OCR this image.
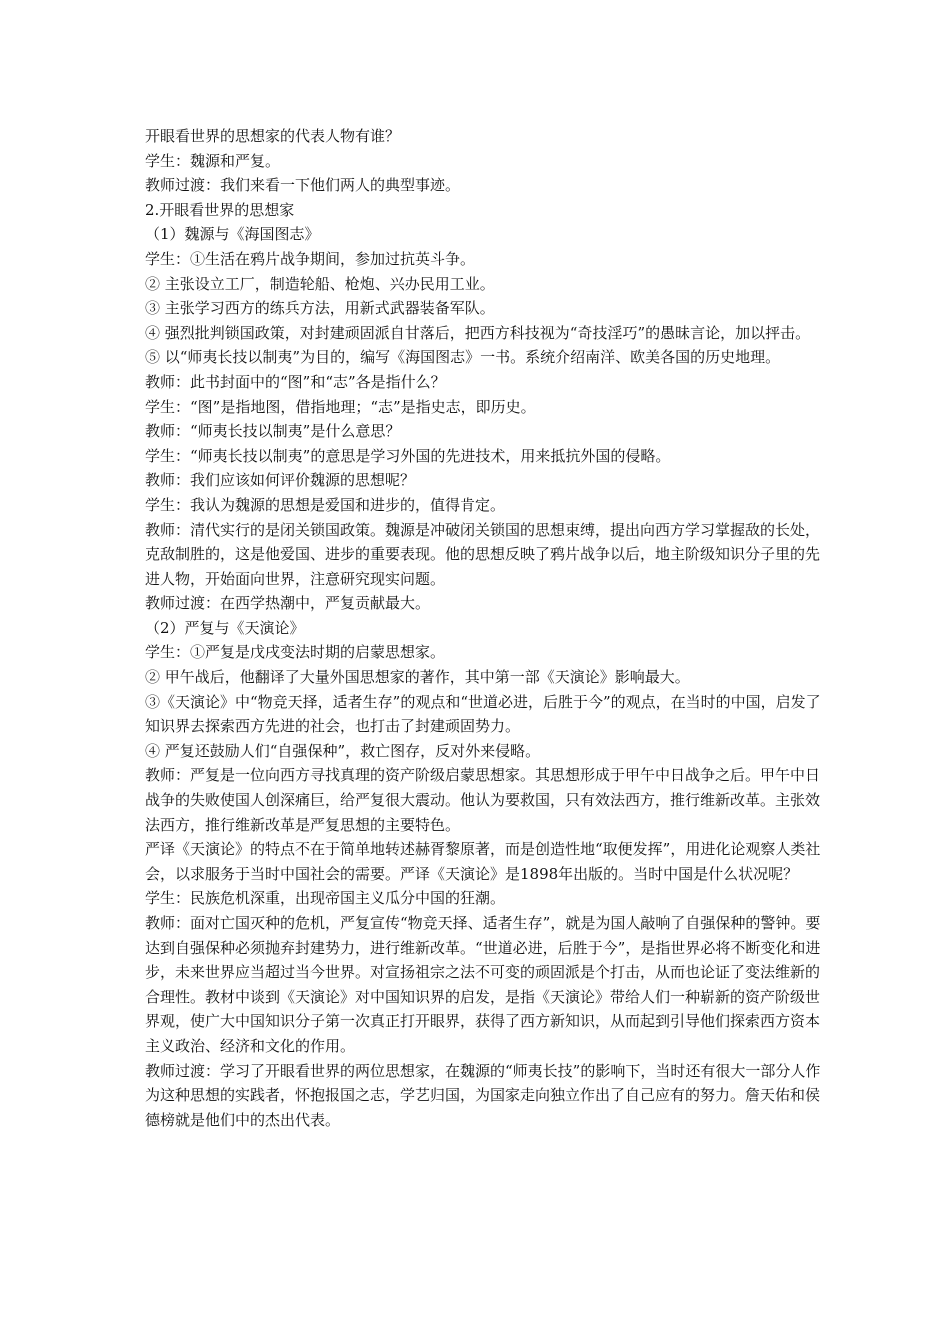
开眼看世界的思想家的代表人物有谁？

学生：魏源和严复。

教师过渡：我们来看一下他们两人的典型事迹。

2.开眼看世界的思想家

（1）魏源与《海国图志》

学生：①生活在鸦片战争期间，参加过抗英斗争。

② 主张设立工厂，制造轮船、枪炮、兴办民用工业。

③ 主张学习西方的练兵方法，用新式武器装备军队。

④ 强烈批判锁国政策，对封建顽固派自甘落后，把西方科技视为“奇技淫巧”的愚昧言论，加以抨击。

⑤ 以“师夷长技以制夷”为目的，编写《海国图志》一书。系统介绍南洋、欧美各国的历史地理。

教师：此书封面中的“图”和“志”各是指什么？

学生：“图”是指地图，借指地理；“志”是指史志，即历史。

教师：“师夷长技以制夷”是什么意思？

学生：“师夷长技以制夷”的意思是学习外国的先进技术，用来抵抗外国的侵略。

教师：我们应该如何评价魏源的思想呢？

学生：我认为魏源的思想是爱国和进步的，值得肯定。

教师：清代实行的是闭关锁国政策。魏源是冲破闭关锁国的思想束缚，提出向西方学习掌握敌的长处，克敌制胜的，这是他爱国、进步的重要表现。他的思想反映了鸦片战争以后，地主阶级知识分子里的先进人物，开始面向世界，注意研究现实问题。

教师过渡：在西学热潮中，严复贡献最大。

（2）严复与《天演论》

学生：①严复是戊戌变法时期的启蒙思想家。

② 甲午战后，他翻译了大量外国思想家的著作，其中第一部《天演论》影响最大。

③《天演论》中“物竞天择，适者生存”的观点和“世道必进，后胜于今”的观点，在当时的中国，启发了知识界去探索西方先进的社会，也打击了封建顽固势力。

④ 严复还鼓励人们“自强保种”，救亡图存，反对外来侵略。

教师：严复是一位向西方寻找真理的资产阶级启蒙思想家。其思想形成于甲午中日战争之后。甲午中日战争的失败使国人创深痛巨，给严复很大震动。他认为要救国，只有效法西方，推行维新改革。主张效法西方，推行维新改革是严复思想的主要特色。

严译《天演论》的特点不在于简单地转述赫胥黎原著，而是创造性地“取便发挥”，用进化论观察人类社会，以求服务于当时中国社会的需要。严译《天演论》是1898年出版的。当时中国是什么状况呢？

学生：民族危机深重，出现帝国主义瓜分中国的狂潮。

教师：面对亡国灭种的危机，严复宣传“物竞天择、适者生存”，就是为国人敲响了自强保种的警钟。要达到自强保种必须抛弃封建势力，进行维新改革。“世道必进，后胜于今”，是指世界必将不断变化和进步，未来世界应当超过当今世界。对宣扬祖宗之法不可变的顽固派是个打击，从而也论证了变法维新的合理性。教材中谈到《天演论》对中国知识界的启发，是指《天演论》带给人们一种崭新的资产阶级世界观，使广大中国知识分子第一次真正打开眼界，获得了西方新知识，从而起到引导他们探索西方资本主义政治、经济和文化的作用。

教师过渡：学习了开眼看世界的两位思想家，在魏源的“师夷长技”的影响下，当时还有很大一部分人作为这种思想的实践者，怀抱报国之志，学艺归国，为国家走向独立作出了自己应有的努力。詹天佑和侯德榜就是他们中的杰出代表。
